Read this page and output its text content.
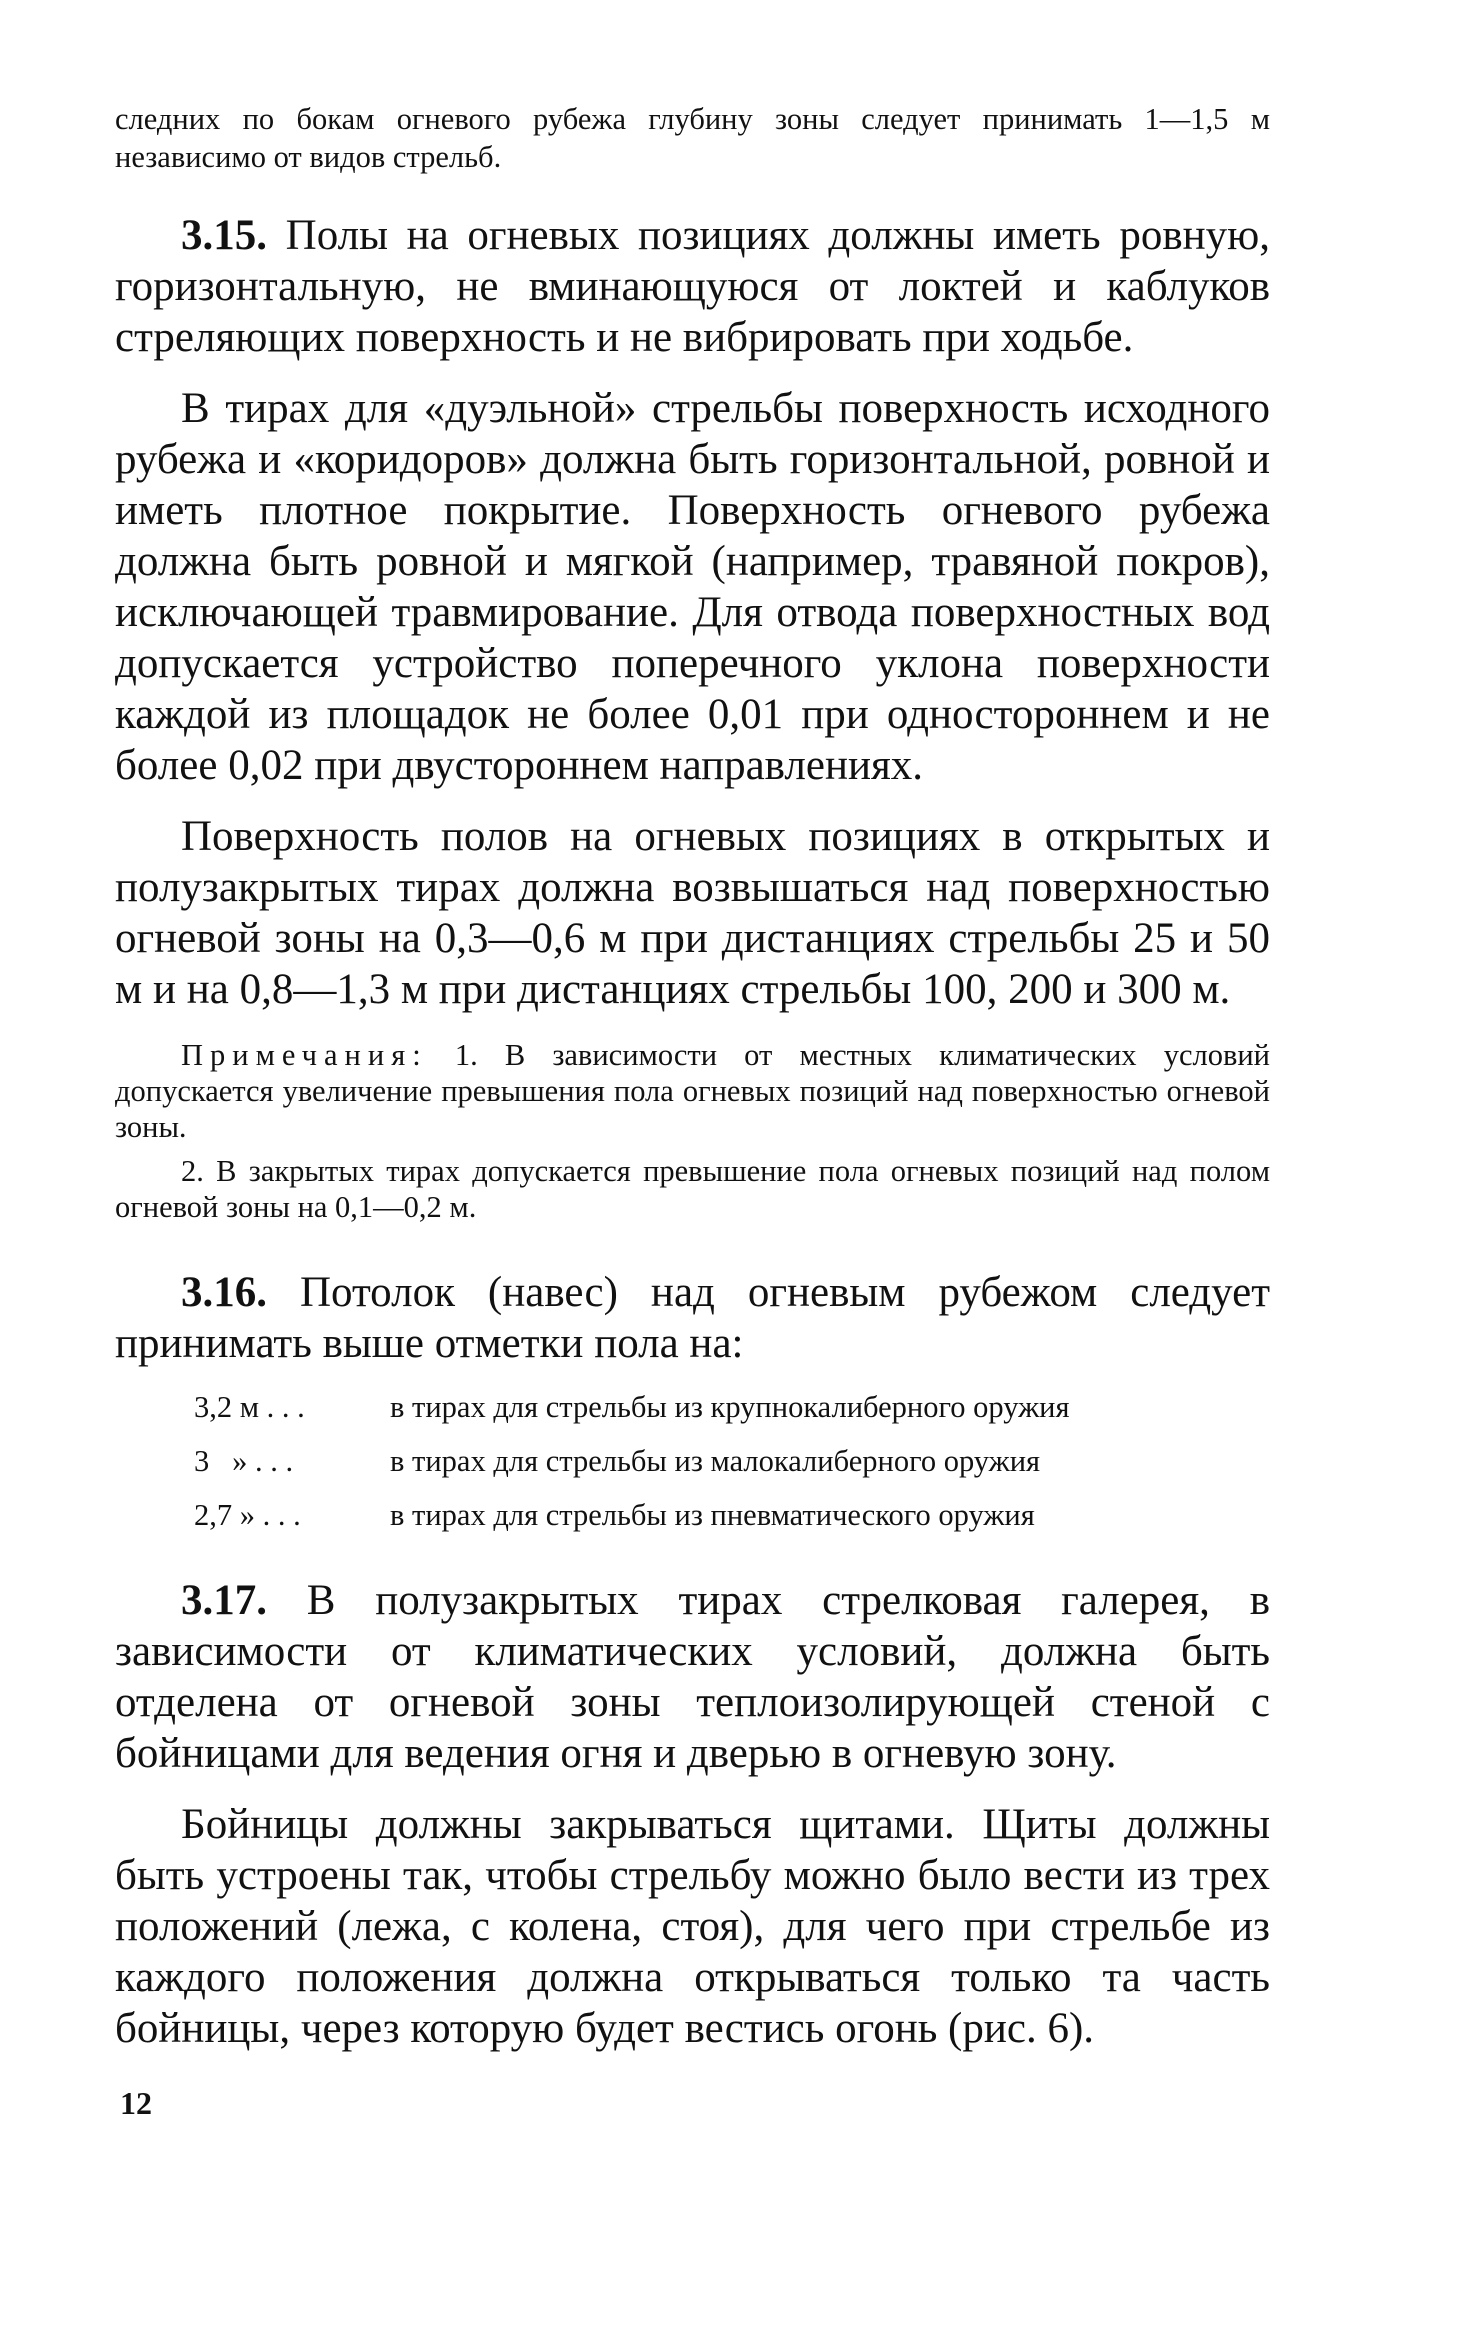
следних по бокам огневого рубежа глубину зоны следует принимать 1—1,5 м независимо от видов стрельб.

3.15. Полы на огневых позициях должны иметь ровную, горизонтальную, не вминающуюся от локтей и каблуков стреляющих поверхность и не вибрировать при ходьбе.

В тирах для «дуэльной» стрельбы поверхность исходного рубежа и «коридоров» должна быть горизонтальной, ровной и иметь плотное покрытие. Поверхность огневого рубежа должна быть ровной и мягкой (например, травяной покров), исключающей травмирование. Для отвода поверхностных вод допускается устройство поперечного уклона поверхности каждой из площадок не более 0,01 при одностороннем и не более 0,02 при двустороннем направлениях.

Поверхность полов на огневых позициях в открытых и полузакрытых тирах должна возвышаться над поверхностью огневой зоны на 0,3—0,6 м при дистанциях стрельбы 25 и 50 м и на 0,8—1,3 м при дистанциях стрельбы 100, 200 и 300 м.

Примечания: 1. В зависимости от местных климатических условий допускается увеличение превышения пола огневых позиций над поверхностью огневой зоны.

2. В закрытых тирах допускается превышение пола огневых позиций над полом огневой зоны на 0,1—0,2 м.

3.16. Потолок (навес) над огневым рубежом следует принимать выше отметки пола на:

3,2 м . . .	в тирах для стрельбы из крупнокалиберного оружия
3   » . . .	в тирах для стрельбы из малокалиберного оружия
2,7 » . . .	в тирах для стрельбы из пневматического оружия

3.17. В полузакрытых тирах стрелковая галерея, в зависимости от климатических условий, должна быть отделена от огневой зоны теплоизолирующей стеной с бойницами для ведения огня и дверью в огневую зону.

Бойницы должны закрываться щитами. Щиты должны быть устроены так, чтобы стрельбу можно было вести из трех положений (лежа, с колена, стоя), для чего при стрельбе из каждого положения должна открываться только та часть бойницы, через которую будет вестись огонь (рис. 6).

12
